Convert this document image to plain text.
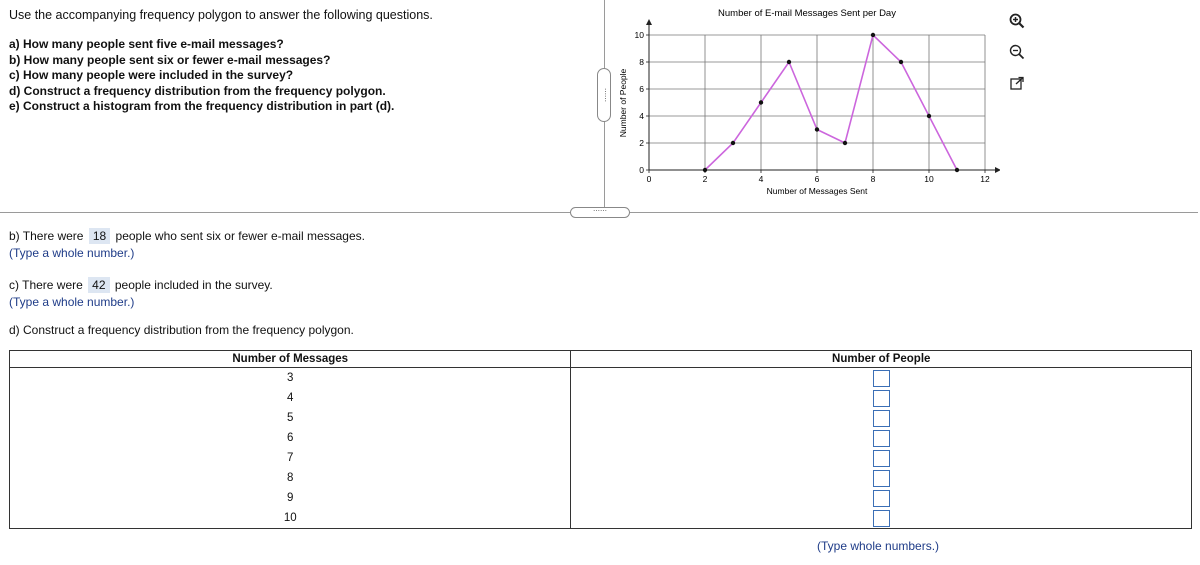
Use the accompanying frequency polygon to answer the following questions.
a) How many people sent five e-mail messages?
b) How many people sent six or fewer e-mail messages?
c) How many people were included in the survey?
d) Construct a frequency distribution from the frequency polygon.
e) Construct a histogram from the frequency distribution in part (d).
⋯⋯
⋯⋯
0	2	4	6	8	10	12
0
2
4
6
8
10
Number of E-mail Messages Sent per Day
Number of Messages Sent
Number of People
b) There were 18 people who sent six or fewer e-mail messages.
(Type a whole number.)
c) There were 42 people included in the survey.
(Type a whole number.)
d) Construct a frequency distribution from the frequency polygon.
Number of Messages	Number of People
3	
4	
5	
6	
7	
8	
9	
10	
(Type whole numbers.)
